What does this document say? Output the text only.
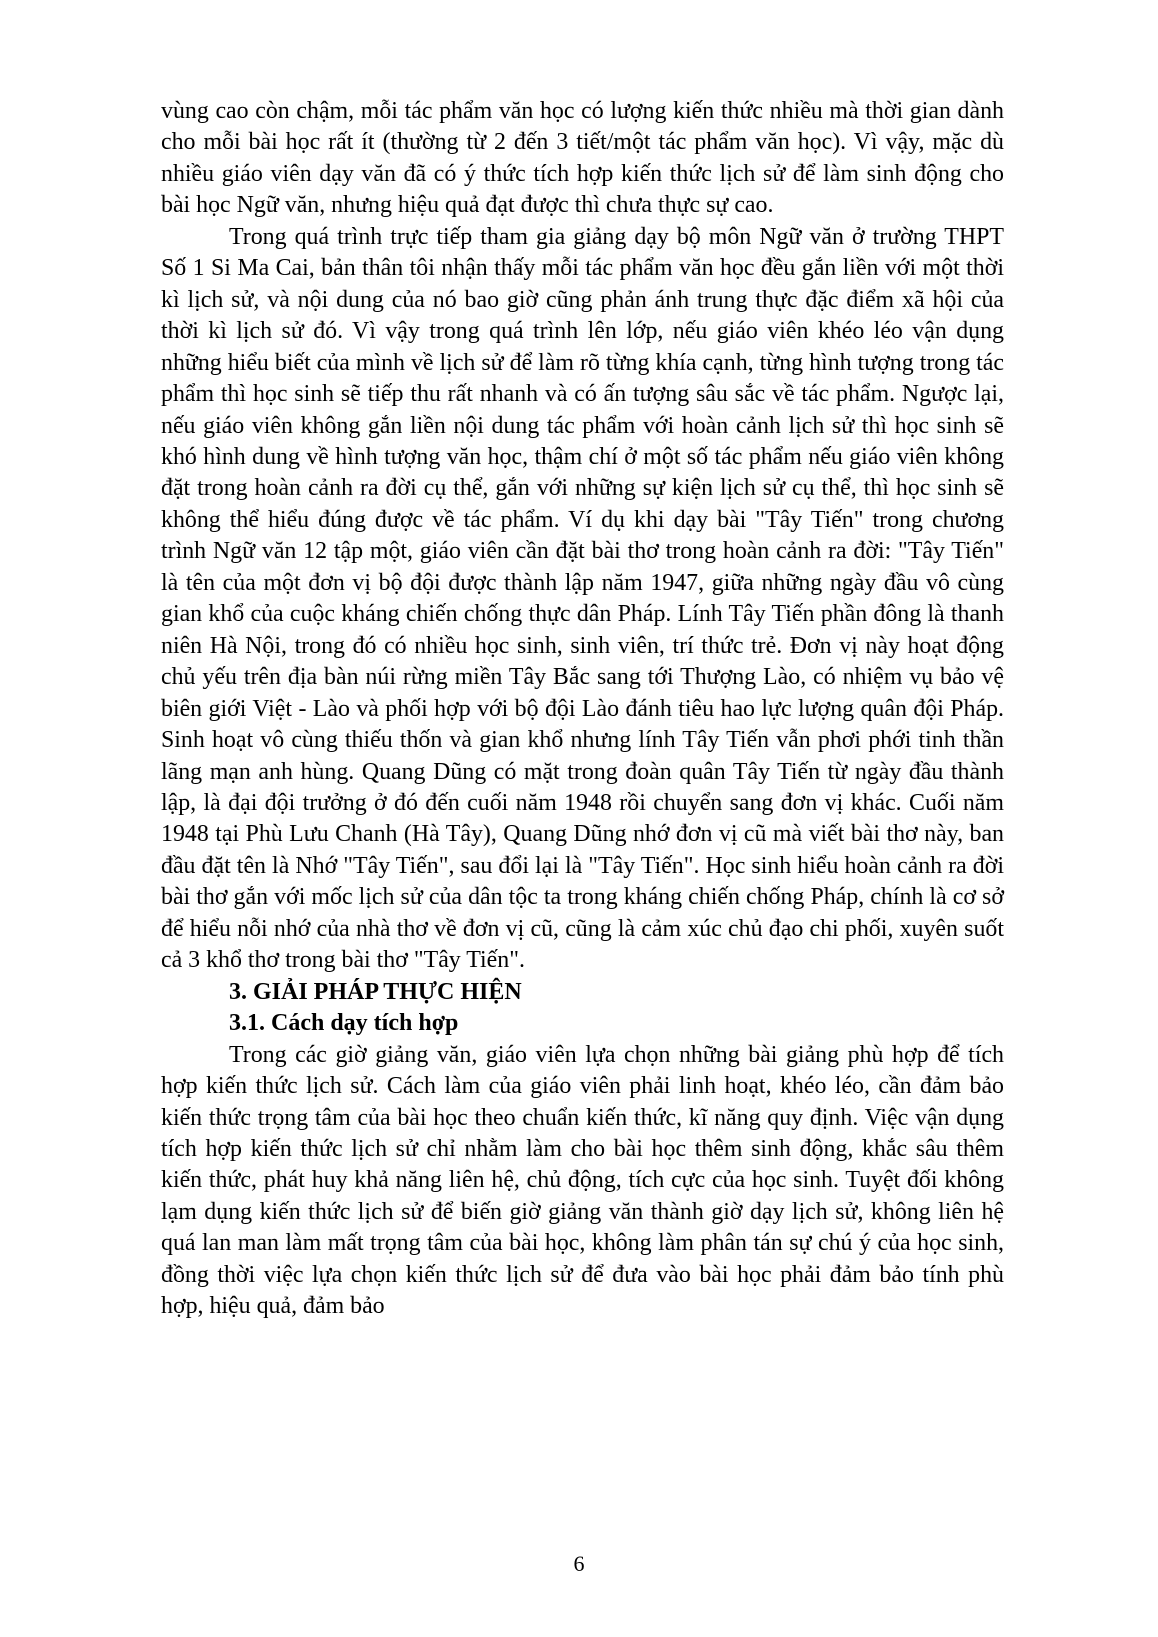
vùng cao còn chậm, mỗi tác phẩm văn học có lượng kiến thức nhiều mà thời gian dành cho mỗi bài học rất ít (thường từ 2 đến 3 tiết/một tác phẩm văn học). Vì vậy, mặc dù nhiều giáo viên dạy văn đã có ý thức tích hợp kiến thức lịch sử để làm sinh động cho bài học Ngữ văn, nhưng hiệu quả đạt được thì chưa thực sự cao.

Trong quá trình trực tiếp tham gia giảng dạy bộ môn Ngữ văn ở trường THPT Số 1 Si Ma Cai, bản thân tôi nhận thấy mỗi tác phẩm văn học đều gắn liền với một thời kì lịch sử, và nội dung của nó bao giờ cũng phản ánh trung thực đặc điểm xã hội của thời kì lịch sử đó. Vì vậy trong quá trình lên lớp, nếu giáo viên khéo léo vận dụng những hiểu biết của mình về lịch sử để làm rõ từng khía cạnh, từng hình tượng trong tác phẩm thì học sinh sẽ tiếp thu rất nhanh và có ấn tượng sâu sắc về tác phẩm. Ngược lại, nếu giáo viên không gắn liền nội dung tác phẩm với hoàn cảnh lịch sử thì học sinh sẽ khó hình dung về hình tượng văn học, thậm chí ở một số tác phẩm nếu giáo viên không đặt trong hoàn cảnh ra đời cụ thể, gắn với những sự kiện lịch sử cụ thể, thì học sinh sẽ không thể hiểu đúng được về tác phẩm. Ví dụ khi dạy bài "Tây Tiến" trong chương trình Ngữ văn 12 tập một, giáo viên cần đặt bài thơ trong hoàn cảnh ra đời: "Tây Tiến" là tên của một đơn vị bộ đội được thành lập năm 1947, giữa những ngày đầu vô cùng gian khổ của cuộc kháng chiến chống thực dân Pháp. Lính Tây Tiến phần đông là thanh niên Hà Nội, trong đó có nhiều học sinh, sinh viên, trí thức trẻ. Đơn vị này hoạt động chủ yếu trên địa bàn núi rừng miền Tây Bắc sang tới Thượng Lào, có nhiệm vụ bảo vệ biên giới Việt - Lào và phối hợp với bộ đội Lào đánh tiêu hao lực lượng quân đội Pháp. Sinh hoạt vô cùng thiếu thốn và gian khổ nhưng lính Tây Tiến vẫn phơi phới tinh thần lãng mạn anh hùng. Quang Dũng có mặt trong đoàn quân Tây Tiến từ ngày đầu thành lập, là đại đội trưởng ở đó đến cuối năm 1948 rồi chuyển sang đơn vị khác. Cuối năm 1948 tại Phù Lưu Chanh (Hà Tây), Quang Dũng nhớ đơn vị cũ mà viết bài thơ này, ban đầu đặt tên là Nhớ "Tây Tiến", sau đổi lại là "Tây Tiến". Học sinh hiểu hoàn cảnh ra đời bài thơ gắn với mốc lịch sử của dân tộc ta trong kháng chiến chống Pháp, chính là cơ sở để hiểu nỗi nhớ của nhà thơ về đơn vị cũ, cũng là cảm xúc chủ đạo chi phối, xuyên suốt cả 3 khổ thơ trong bài thơ "Tây Tiến".

3. GIẢI PHÁP THỰC HIỆN
3.1. Cách dạy tích hợp

Trong các giờ giảng văn, giáo viên lựa chọn những bài giảng phù hợp để tích hợp kiến thức lịch sử. Cách làm của giáo viên phải linh hoạt, khéo léo, cần đảm bảo kiến thức trọng tâm của bài học theo chuẩn kiến thức, kĩ năng quy định. Việc vận dụng tích hợp kiến thức lịch sử chỉ nhằm làm cho bài học thêm sinh động, khắc sâu thêm kiến thức, phát huy khả năng liên hệ, chủ động, tích cực của học sinh. Tuyệt đối không lạm dụng kiến thức lịch sử để biến giờ giảng văn thành giờ dạy lịch sử, không liên hệ quá lan man làm mất trọng tâm của bài học, không làm phân tán sự chú ý của học sinh, đồng thời việc lựa chọn kiến thức lịch sử để đưa vào bài học phải đảm bảo tính phù hợp, hiệu quả, đảm bảo

6
